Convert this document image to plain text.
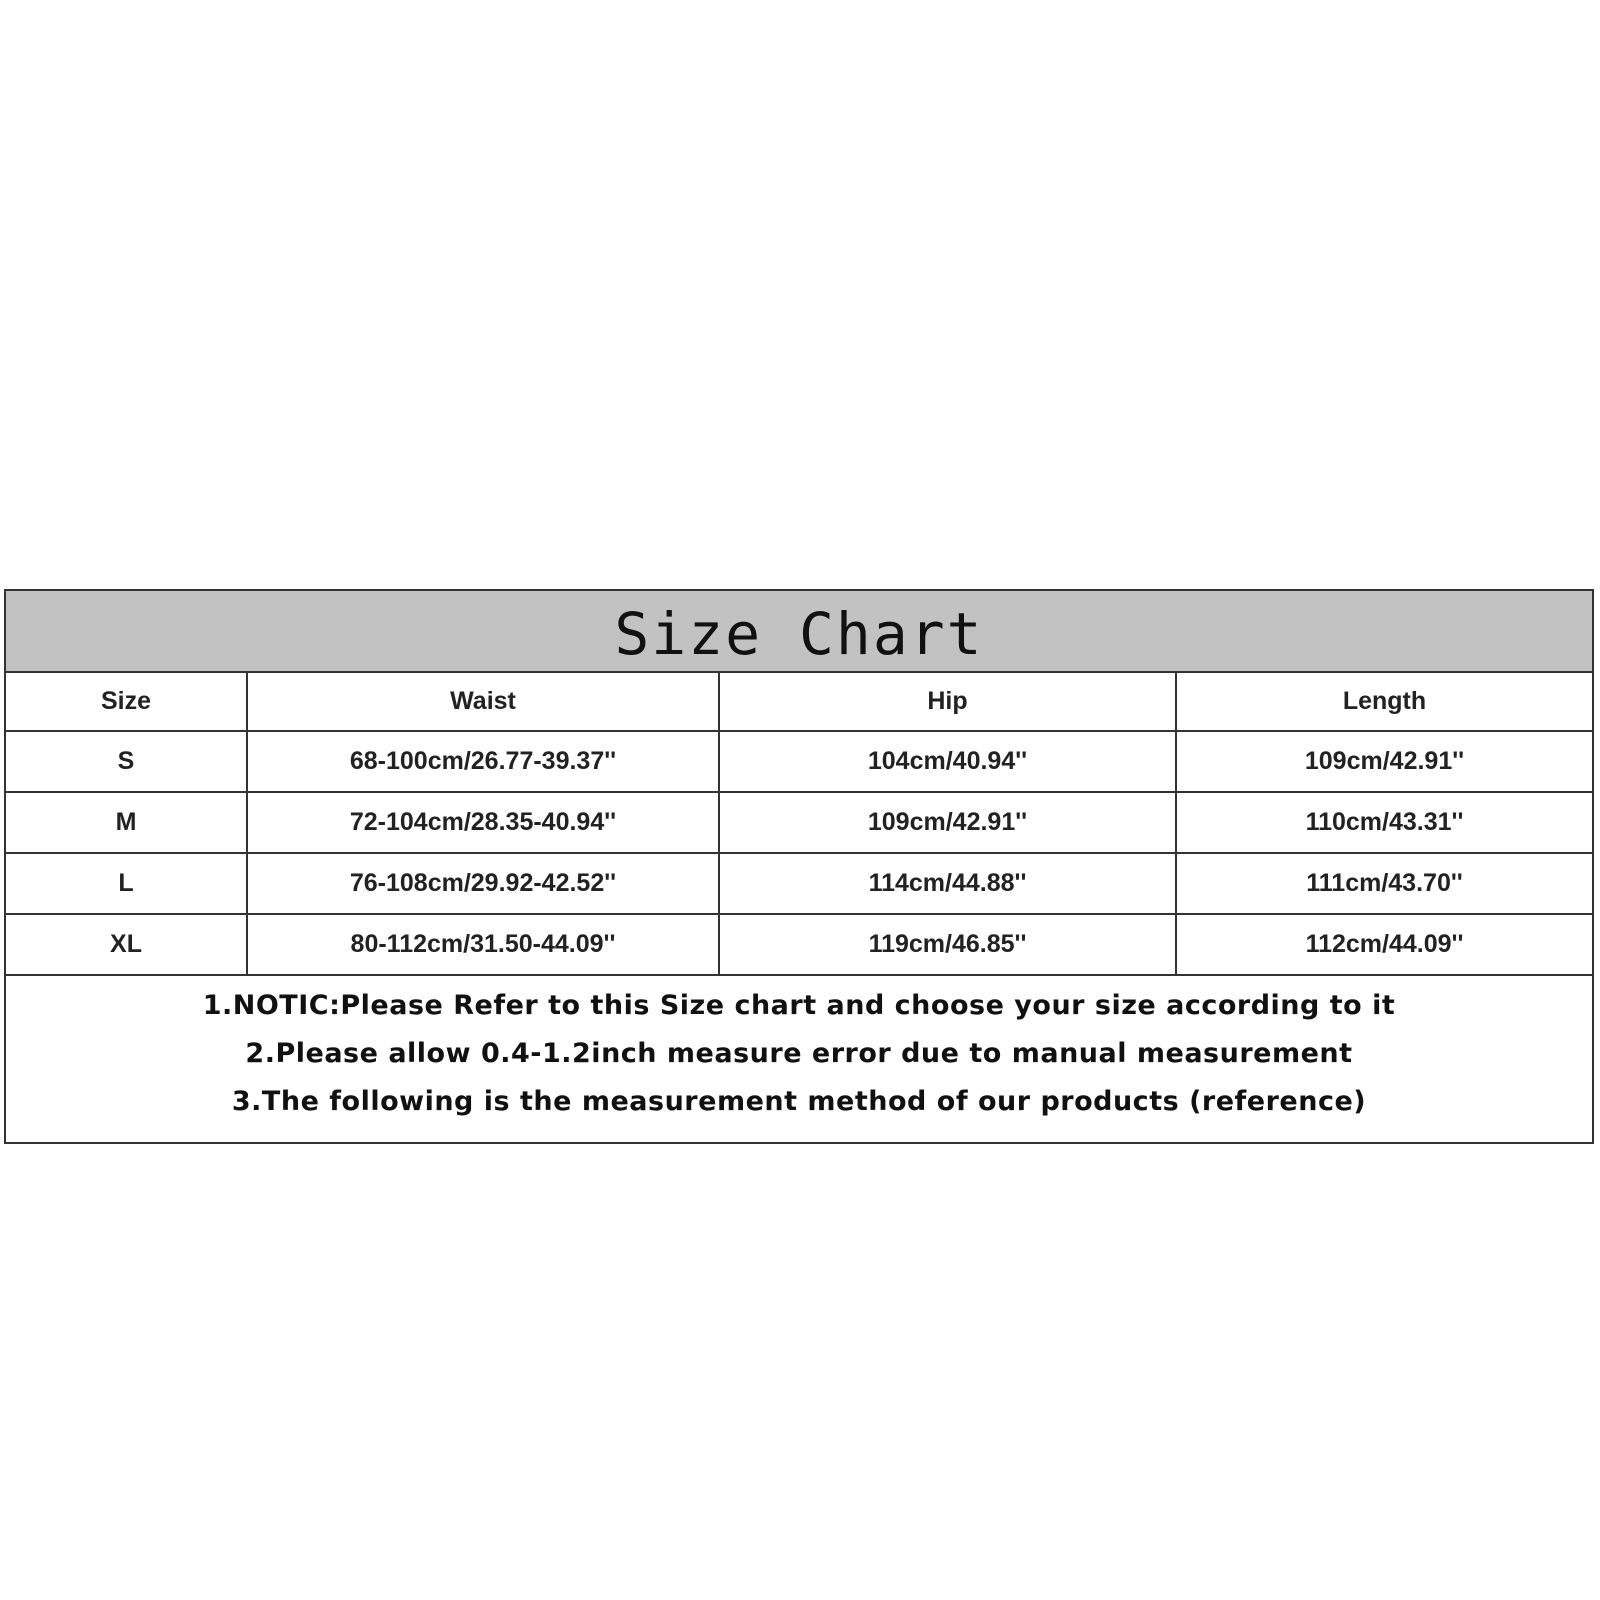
Size Chart
Size	Waist	Hip	Length
S	68-100cm/26.77-39.37''	104cm/40.94''	109cm/42.91''
M	72-104cm/28.35-40.94''	109cm/42.91''	110cm/43.31''
L	76-108cm/29.92-42.52''	114cm/44.88''	111cm/43.70''
XL	80-112cm/31.50-44.09''	119cm/46.85''	112cm/44.09''
1.NOTIC:Please Refer to this Size chart and choose your size according to it
2.Please allow 0.4-1.2inch measure error due to manual measurement
3.The following is the measurement method of our products (reference)
